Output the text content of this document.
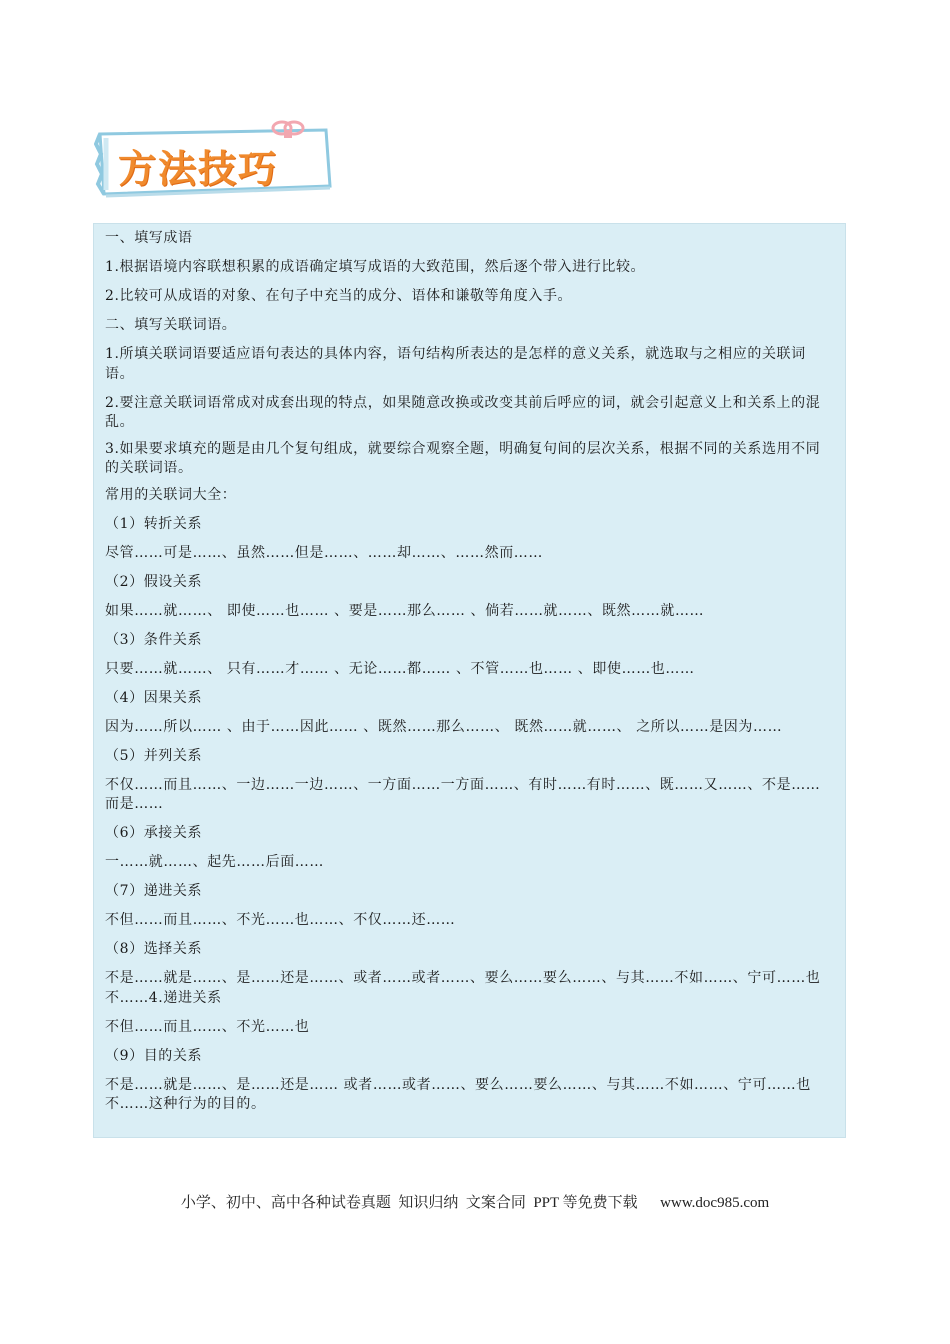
方法技巧

一、填写成语

1.根据语境内容联想积累的成语确定填写成语的大致范围，然后逐个带入进行比较。

2.比较可从成语的对象、在句子中充当的成分、语体和谦敬等角度入手。

二、填写关联词语。

1.所填关联词语要适应语句表达的具体内容，语句结构所表达的是怎样的意义关系，就选取与之相应的关联词语。

2.要注意关联词语常成对成套出现的特点，如果随意改换或改变其前后呼应的词，就会引起意义上和关系上的混乱。

3.如果要求填充的题是由几个复句组成，就要综合观察全题，明确复句间的层次关系，根据不同的关系选用不同的关联词语。

常用的关联词大全：

（1）转折关系

尽管……可是……、虽然……但是……、……却……、……然而……

（2）假设关系

如果……就……、 即使……也…… 、要是……那么…… 、倘若……就……、既然……就……

（3）条件关系

只要……就……、 只有……才…… 、无论……都…… 、不管……也…… 、即使……也……

（4）因果关系

因为……所以…… 、由于……因此…… 、既然……那么……、 既然……就……、 之所以……是因为……

（5）并列关系

不仅……而且……、一边……一边……、一方面……一方面……、有时……有时……、既……又……、不是……而是……

（6）承接关系

一……就……、起先……后面……

（7）递进关系

不但……而且……、不光……也……、不仅……还……

（8）选择关系

不是……就是……、是……还是……、或者……或者……、要么……要么……、与其……不如……、宁可……也不……4.递进关系

不但……而且……、不光……也

（9）目的关系

不是……就是……、是……还是…… 或者……或者……、要么……要么……、与其……不如……、宁可……也不……这种行为的目的。

小学、初中、高中各种试卷真题  知识归纳  文案合同  PPT 等免费下载      www.doc985.com
